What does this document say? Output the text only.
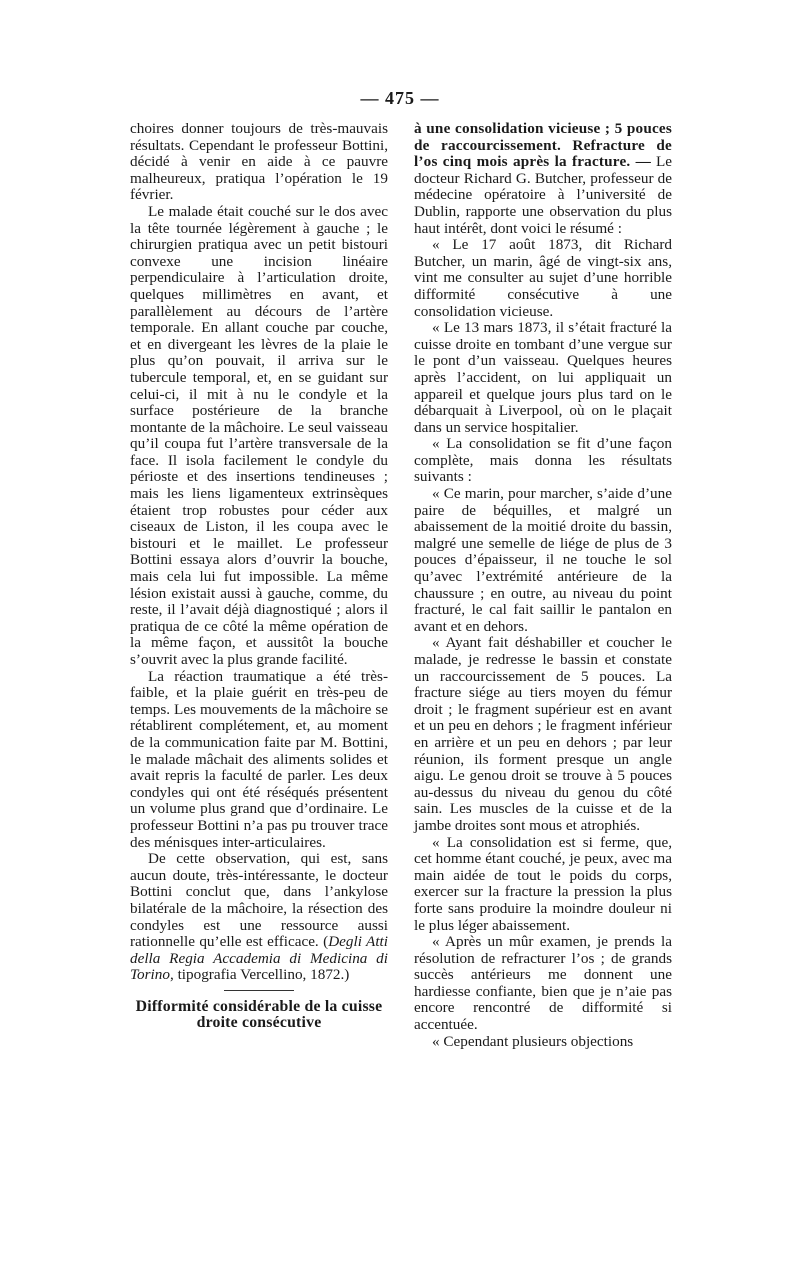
— 475 —

choires donner toujours de très-mauvais résultats. Cependant le professeur Bottini, décidé à venir en aide à ce pauvre malheureux, pratiqua l’opération le 19 février.

Le malade était couché sur le dos avec la tête tournée légèrement à gauche ; le chirurgien pratiqua avec un petit bistouri convexe une incision linéaire perpendiculaire à l’articulation droite, quelques millimètres en avant, et parallèlement au décours de l’artère temporale. En allant couche par couche, et en divergeant les lèvres de la plaie le plus qu’on pouvait, il arriva sur le tubercule temporal, et, en se guidant sur celui-ci, il mit à nu le condyle et la surface postérieure de la branche montante de la mâchoire. Le seul vaisseau qu’il coupa fut l’artère transversale de la face. Il isola facilement le condyle du périoste et des insertions tendineuses ; mais les liens ligamenteux extrinsèques étaient trop robustes pour céder aux ciseaux de Liston, il les coupa avec le bistouri et le maillet. Le professeur Bottini essaya alors d’ouvrir la bouche, mais cela lui fut impossible. La même lésion existait aussi à gauche, comme, du reste, il l’avait déjà diagnostiqué ; alors il pratiqua de ce côté la même opération de la même façon, et aussitôt la bouche s’ouvrit avec la plus grande facilité.

La réaction traumatique a été très-faible, et la plaie guérit en très-peu de temps. Les mouvements de la mâchoire se rétablirent complétement, et, au moment de la communication faite par M. Bottini, le malade mâchait des aliments solides et avait repris la faculté de parler. Les deux condyles qui ont été réséqués présentent un volume plus grand que d’ordinaire. Le professeur Bottini n’a pas pu trouver trace des ménisques inter-articulaires.

De cette observation, qui est, sans aucun doute, très-intéressante, le docteur Bottini conclut que, dans l’ankylose bilatérale de la mâchoire, la résection des condyles est une ressource aussi rationnelle qu’elle est efficace. (Degli Atti della Regia Accademia di Medicina di Torino, tipografia Vercellino, 1872.)

Difformité considérable de la cuisse droite consécutive

à une consolidation vicieuse ; 5 pouces de raccourcissement. Refracture de l’os cinq mois après la fracture. — Le docteur Richard G. Butcher, professeur de médecine opératoire à l’université de Dublin, rapporte une observation du plus haut intérêt, dont voici le résumé :

« Le 17 août 1873, dit Richard Butcher, un marin, âgé de vingt-six ans, vint me consulter au sujet d’une horrible difformité consécutive à une consolidation vicieuse.

« Le 13 mars 1873, il s’était fracturé la cuisse droite en tombant d’une vergue sur le pont d’un vaisseau. Quelques heures après l’accident, on lui appliquait un appareil et quelque jours plus tard on le débarquait à Liverpool, où on le plaçait dans un service hospitalier.

« La consolidation se fit d’une façon complète, mais donna les résultats suivants :

« Ce marin, pour marcher, s’aide d’une paire de béquilles, et malgré un abaissement de la moitié droite du bassin, malgré une semelle de liége de plus de 3 pouces d’épaisseur, il ne touche le sol qu’avec l’extrémité antérieure de la chaussure ; en outre, au niveau du point fracturé, le cal fait saillir le pantalon en avant et en dehors.

« Ayant fait déshabiller et coucher le malade, je redresse le bassin et constate un raccourcissement de 5 pouces. La fracture siége au tiers moyen du fémur droit ; le fragment supérieur est en avant et un peu en dehors ; le fragment inférieur en arrière et un peu en dehors ; par leur réunion, ils forment presque un angle aigu. Le genou droit se trouve à 5 pouces au-dessus du niveau du genou du côté sain. Les muscles de la cuisse et de la jambe droites sont mous et atrophiés.

« La consolidation est si ferme, que, cet homme étant couché, je peux, avec ma main aidée de tout le poids du corps, exercer sur la fracture la pression la plus forte sans produire la moindre douleur ni le plus léger abaissement.

« Après un mûr examen, je prends la résolution de refracturer l’os ; de grands succès antérieurs me donnent une hardiesse confiante, bien que je n’aie pas encore rencontré de difformité si accentuée.

« Cependant plusieurs objections
